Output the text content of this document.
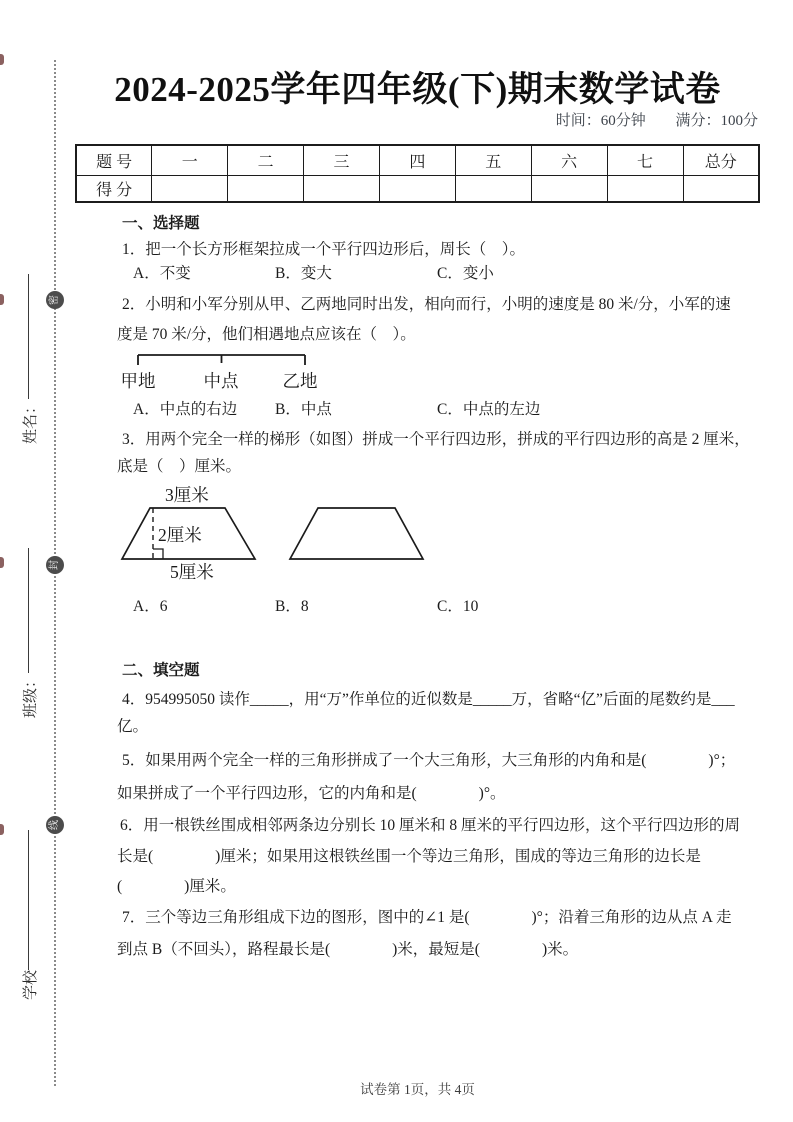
密
封
线
姓名：
班级：
学校
2024-2025学年四年级(下)期末数学试卷
时间：60分钟 满分：100分
题 号	一	二	三	四	五	六	七	总分
得 分								
一、选择题
1．把一个长方形框架拉成一个平行四边形后，周长（　）。
A．不变	B．变大	C．变小
2．小明和小军分别从甲、乙两地同时出发，相向而行，小明的速度是 80 米/分，小军的速
度是 70 米/分，他们相遇地点应该在（　）。
甲地	中点	乙地
A．中点的右边 B．中点	C．中点的左边
3．用两个完全一样的梯形（如图）拼成一个平行四边形，拼成的平行四边形的高是 2 厘米，
底是（　）厘米。
3厘米
2厘米
5厘米
A．6	B．8	C．10
二、填空题
4．954995050 读作_____，用“万”作单位的近似数是_____万，省略“亿”后面的尾数约是___
亿。
5．如果用两个完全一样的三角形拼成了一个大三角形，大三角形的内角和是(　　　　)°；
如果拼成了一个平行四边形，它的内角和是(　　　　)°。
6．用一根铁丝围成相邻两条边分别长 10 厘米和 8 厘米的平行四边形，这个平行四边形的周
长是(　　　　)厘米；如果用这根铁丝围一个等边三角形，围成的等边三角形的边长是
(　　　　)厘米。
7．三个等边三角形组成下边的图形，图中的∠1 是(　　　　)°；沿着三角形的边从点 A 走
到点 B（不回头），路程最长是(　　　　)米，最短是(　　　　)米。
试卷第 1页，共 4页
